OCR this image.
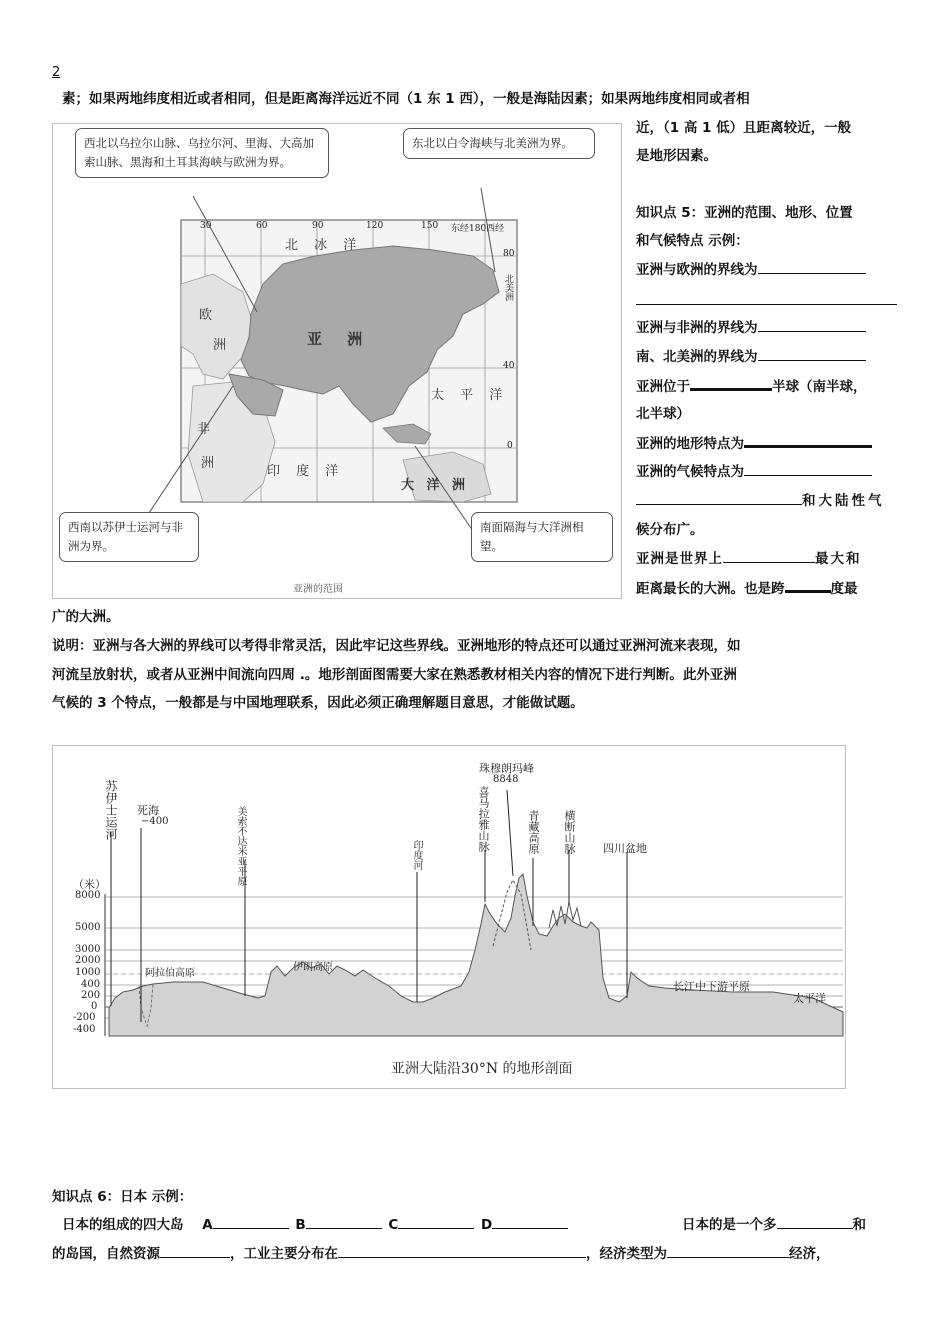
2
素；如果两地纬度相近或者相同，但是距离海洋远近不同（1 东 1 西），一般是海陆因素；如果两地纬度相同或者相
近，（1 高 1 低）且距离较近，一般
是地形因素。
西北以乌拉尔山脉、乌拉尔河、里海、大高加索山脉、黑海和土耳其海峡与欧洲为界。
东北以白令海峡与北美洲为界。
西南以苏伊士运河与非洲为界。
南面隔海与大洋洲相望。
30	60	90	120	150 东经180西经
80
40
0
北 冰 洋
亚 洲
欧
洲
非
洲
太 平 洋
印 度 洋
大 洋 洲
北美洲
亚洲的范围
知识点 5：亚洲的范围、地形、位置
和气候特点 示例：
亚洲与欧洲的界线为
亚洲与非洲的界线为
南、北美洲的界线为
亚洲位于	半球（南半球，
北半球）
亚洲的地形特点为
亚洲的气候特点为
和大陆性气
候分布广。
亚洲是世界上	最大和
距离最长的大洲。也是跨	度最
广的大洲。
说明：亚洲与各大洲的界线可以考得非常灵活，因此牢记这些界线。亚洲地形的特点还可以通过亚洲河流来表现，如
河流呈放射状，或者从亚洲中间流向四周 .。地形剖面图需要大家在熟悉教材相关内容的情况下进行判断。此外亚洲
气候的 3 个特点，一般都是与中国地理联系，因此必须正确理解题目意思，才能做试题。
（米）
8000
5000
3000
2000
1000
400
200
0
-200
-400
苏伊士运河 死海
−400
阿拉伯高原
美索不达米亚平原
伊朗高原
印度河
喜马拉雅山脉
珠穆朗玛峰
8848
青藏高原 横断山脉 四川盆地
长江中下游平原
太平洋
亚洲大陆沿30°N 的地形剖面
知识点 6：日本 示例：
日本的组成的四大岛 A	B	C	D	日本的是一个多	和
的岛国，自然资源	，工业主要分布在	，经济类型为	经济，
